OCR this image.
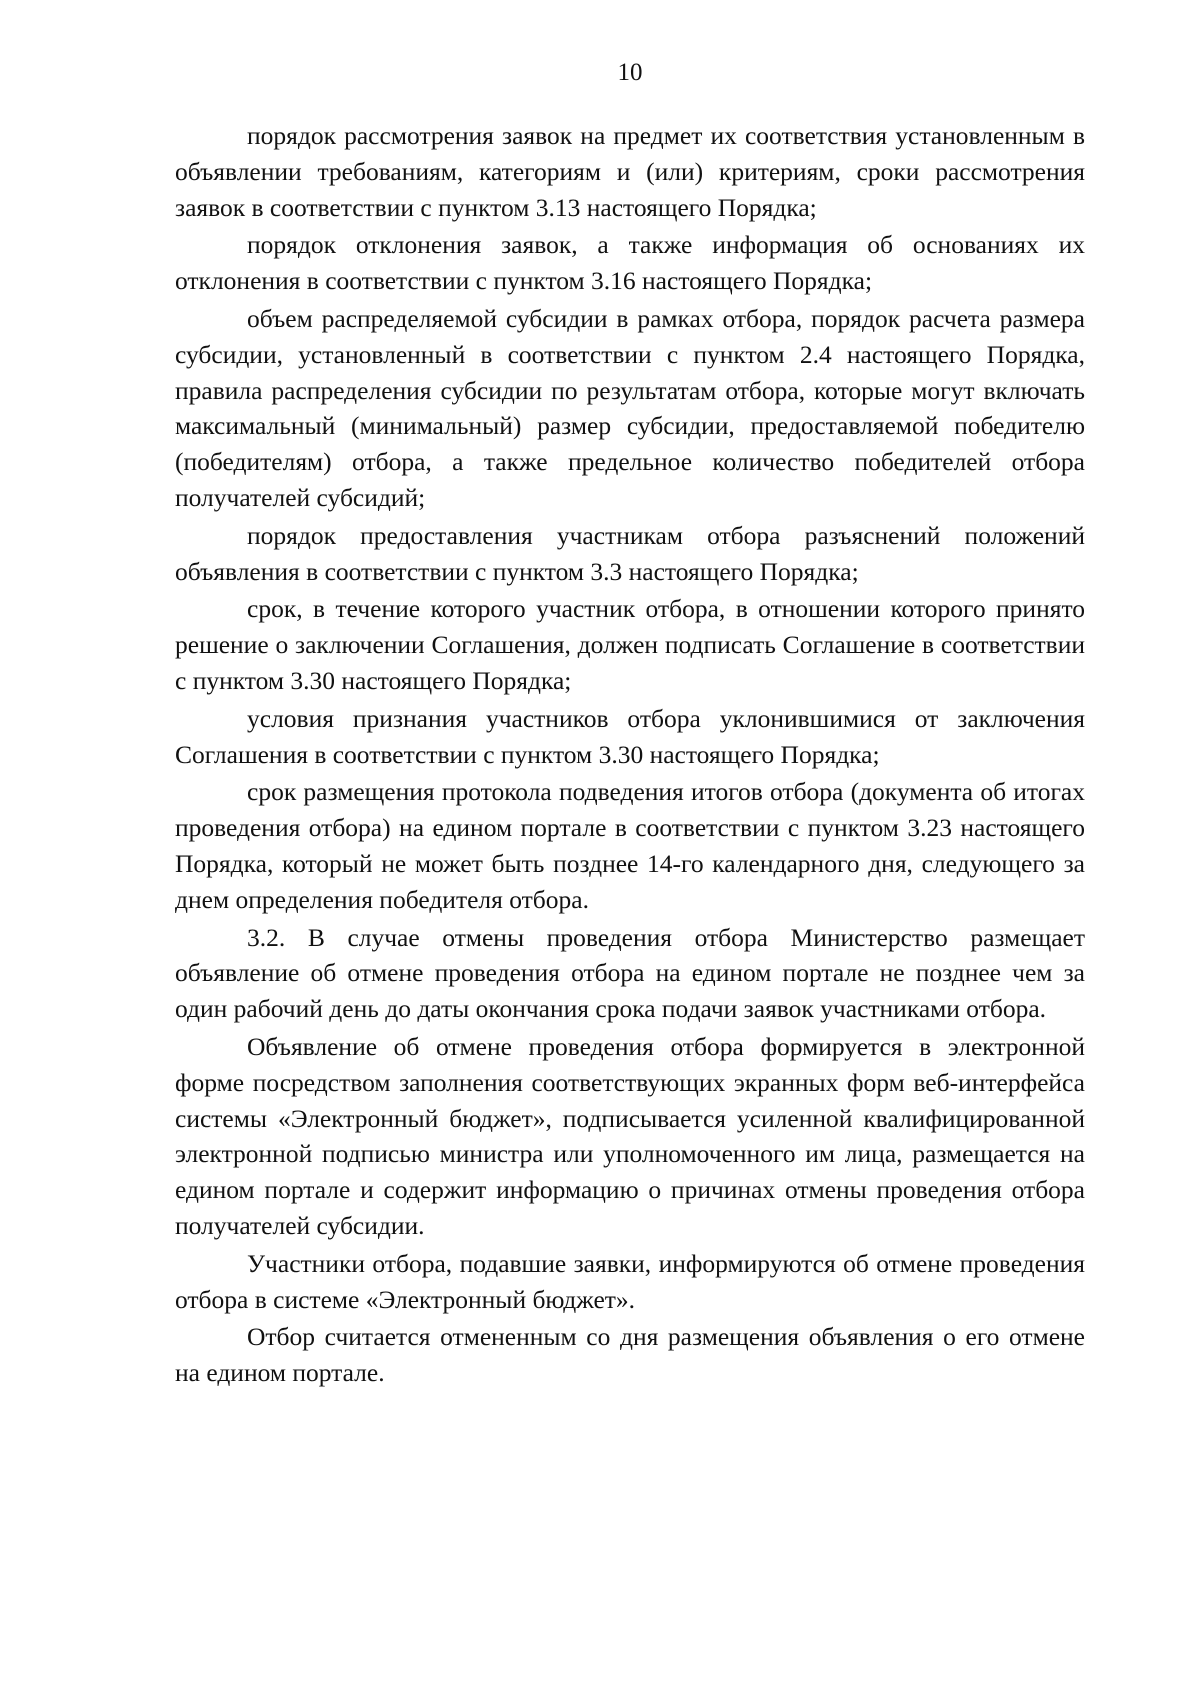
10

порядок рассмотрения заявок на предмет их соответствия установленным в объявлении требованиям, категориям и (или) критериям, сроки рассмотрения заявок в соответствии с пунктом 3.13 настоящего Порядка;

порядок отклонения заявок, а также информация об основаниях их отклонения в соответствии с пунктом 3.16 настоящего Порядка;

объем распределяемой субсидии в рамках отбора, порядок расчета размера субсидии, установленный в соответствии с пунктом 2.4 настоящего Порядка, правила распределения субсидии по результатам отбора, которые могут включать максимальный (минимальный) размер субсидии, предоставляемой победителю (победителям) отбора, а также предельное количество победителей отбора получателей субсидий;

порядок предоставления участникам отбора разъяснений положений объявления в соответствии с пунктом 3.3 настоящего Порядка;

срок, в течение которого участник отбора, в отношении которого принято решение о заключении Соглашения, должен подписать Соглашение в соответствии с пунктом 3.30 настоящего Порядка;

условия признания участников отбора уклонившимися от заключения Соглашения в соответствии с пунктом 3.30 настоящего Порядка;

срок размещения протокола подведения итогов отбора (документа об итогах проведения отбора) на едином портале в соответствии с пунктом 3.23 настоящего Порядка, который не может быть позднее 14-го календарного дня, следующего за днем определения победителя отбора.

3.2. В случае отмены проведения отбора Министерство размещает объявление об отмене проведения отбора на едином портале не позднее чем за один рабочий день до даты окончания срока подачи заявок участниками отбора.

Объявление об отмене проведения отбора формируется в электронной форме посредством заполнения соответствующих экранных форм веб-интерфейса системы «Электронный бюджет», подписывается усиленной квалифицированной электронной подписью министра или уполномоченного им лица, размещается на едином портале и содержит информацию о причинах отмены проведения отбора получателей субсидии.

Участники отбора, подавшие заявки, информируются об отмене проведения отбора в системе «Электронный бюджет».

Отбор считается отмененным со дня размещения объявления о его отмене на едином портале.
